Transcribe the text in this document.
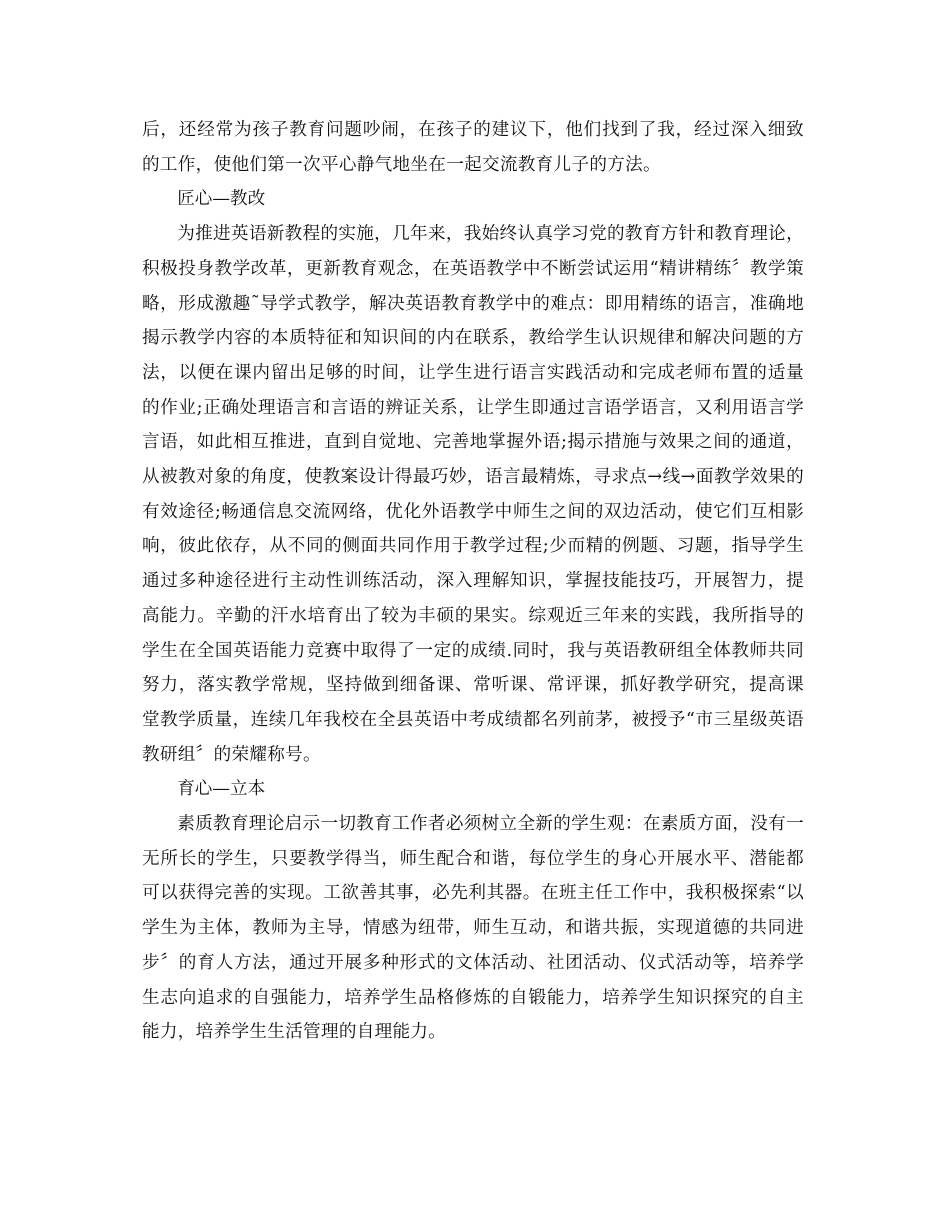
后，还经常为孩子教育问题吵闹，在孩子的建议下，他们找到了我，经过深入细致的工作，使他们第一次平心静气地坐在一起交流教育儿子的方法。

匠心—教改

为推进英语新教程的实施，几年来，我始终认真学习党的教育方针和教育理论，积极投身教学改革，更新教育观念，在英语教学中不断尝试运用“精讲精练〞教学策略，形成激趣˜导学式教学，解决英语教育教学中的难点：即用精练的语言，准确地揭示教学内容的本质特征和知识间的内在联系，教给学生认识规律和解决问题的方法，以便在课内留出足够的时间，让学生进行语言实践活动和完成老师布置的适量的作业;正确处理语言和言语的辨证关系，让学生即通过言语学语言，又利用语言学言语，如此相互推进，直到自觉地、完善地掌握外语;揭示措施与效果之间的通道，从被教对象的角度，使教案设计得最巧妙，语言最精炼，寻求点→线→面教学效果的有效途径;畅通信息交流网络，优化外语教学中师生之间的双边活动，使它们互相影响，彼此依存，从不同的侧面共同作用于教学过程;少而精的例题、习题，指导学生通过多种途径进行主动性训练活动，深入理解知识，掌握技能技巧，开展智力，提高能力。辛勤的汗水培育出了较为丰硕的果实。综观近三年来的实践，我所指导的学生在全国英语能力竞赛中取得了一定的成绩.同时，我与英语教研组全体教师共同努力，落实教学常规，坚持做到细备课、常听课、常评课，抓好教学研究，提高课堂教学质量，连续几年我校在全县英语中考成绩都名列前茅，被授予“市三星级英语教研组〞的荣耀称号。

育心—立本

素质教育理论启示一切教育工作者必须树立全新的学生观：在素质方面，没有一无所长的学生，只要教学得当，师生配合和谐，每位学生的身心开展水平、潜能都可以获得完善的实现。工欲善其事，必先利其器。在班主任工作中，我积极探索“以学生为主体，教师为主导，情感为纽带，师生互动，和谐共振，实现道德的共同进步〞的育人方法，通过开展多种形式的文体活动、社团活动、仪式活动等，培养学生志向追求的自强能力，培养学生品格修炼的自锻能力，培养学生知识探究的自主能力，培养学生生活管理的自理能力。
